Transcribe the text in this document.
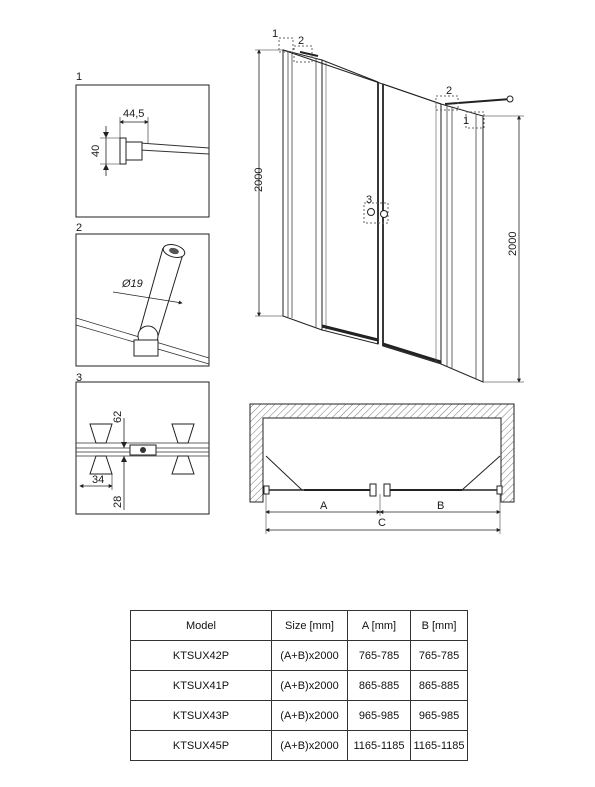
1
44,5
40
2
Ø19
3
62
34
28
1
2
2
1
3
2000
2000
A	B
C
Model	Size [mm]	A [mm]	B [mm]
KTSUX42P	(A+B)x2000	765-785	765-785
KTSUX41P	(A+B)x2000	865-885	865-885
KTSUX43P	(A+B)x2000	965-985	965-985
KTSUX45P	(A+B)x2000	1165-1185	1165-1185
